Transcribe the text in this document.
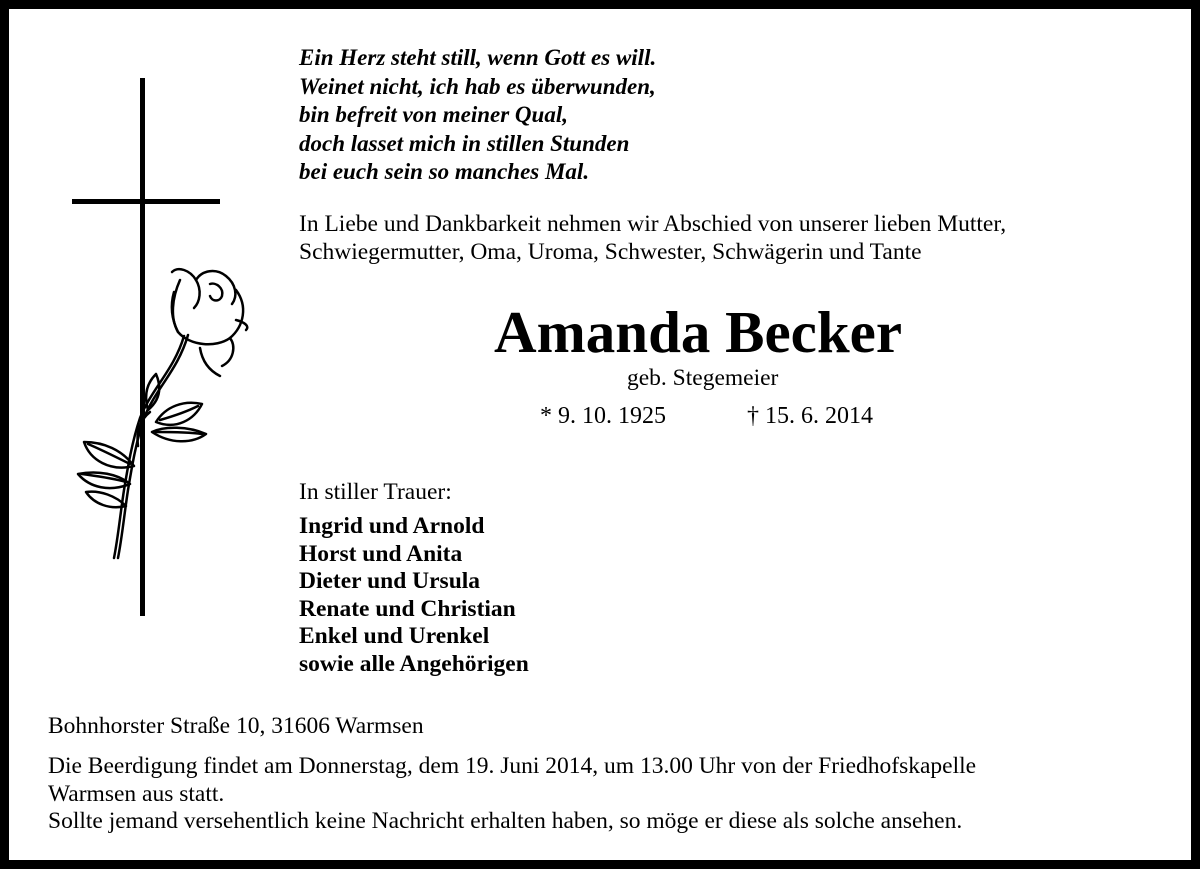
Ein Herz steht still, wenn Gott es will.
Weinet nicht, ich hab es überwunden,
bin befreit von meiner Qual,
doch lasset mich in stillen Stunden
bei euch sein so manches Mal.
In Liebe und Dankbarkeit nehmen wir Abschied von unserer lieben Mutter,
Schwiegermutter, Oma, Uroma, Schwester, Schwägerin und Tante
Amanda Becker
geb. Stegemeier
* 9. 10. 1925	† 15. 6. 2014
In stiller Trauer:
Ingrid und Arnold
Horst und Anita
Dieter und Ursula
Renate und Christian
Enkel und Urenkel
sowie alle Angehörigen
Bohnhorster Straße 10, 31606 Warmsen
Die Beerdigung findet am Donnerstag, dem 19. Juni 2014, um 13.00 Uhr von der Friedhofskapelle
Warmsen aus statt.
Sollte jemand versehentlich keine Nachricht erhalten haben, so möge er diese als solche ansehen.
